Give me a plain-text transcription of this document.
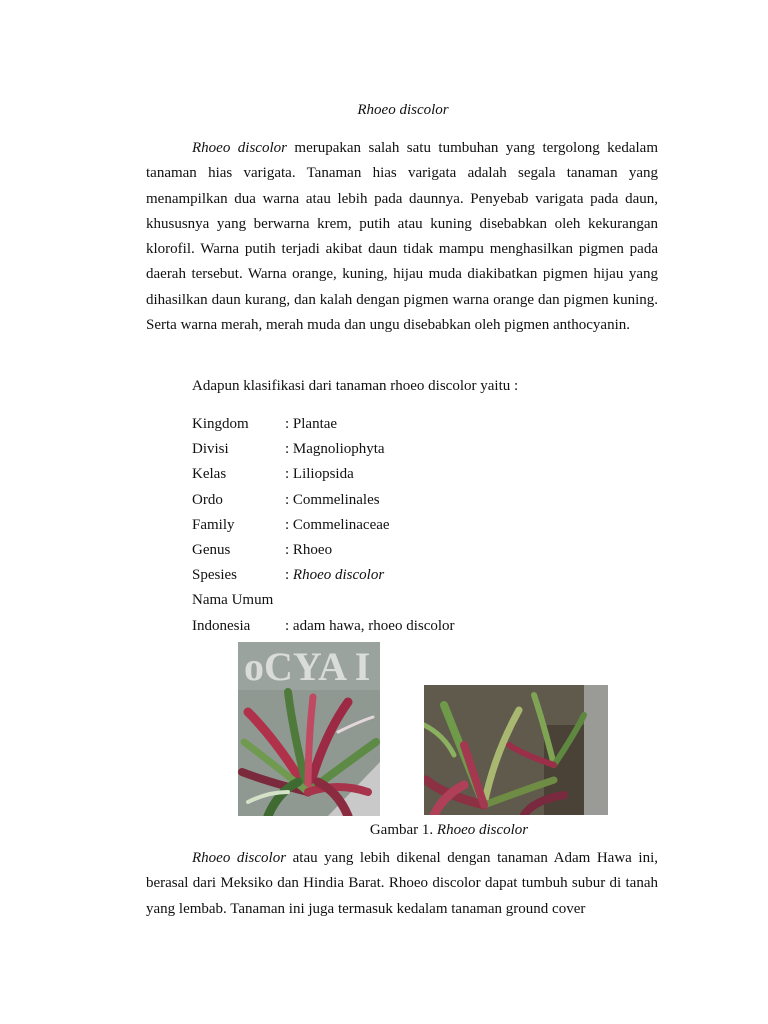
Rhoeo discolor

Rhoeo discolor merupakan salah satu tumbuhan yang tergolong kedalam tanaman hias varigata. Tanaman hias varigata adalah segala tanaman yang menampilkan dua warna atau lebih pada daunnya. Penyebab varigata pada daun, khususnya yang berwarna krem, putih atau kuning disebabkan oleh kekurangan klorofil. Warna putih terjadi akibat daun tidak mampu menghasilkan pigmen pada daerah tersebut. Warna orange, kuning, hijau muda diakibatkan pigmen hijau yang dihasilkan daun kurang, dan kalah dengan pigmen warna orange dan pigmen kuning. Serta warna merah, merah muda dan ungu disebabkan oleh pigmen anthocyanin.

Adapun klasifikasi dari tanaman rhoeo discolor yaitu :
Kingdom : Plantae
Divisi	: Magnoliophyta
Kelas	: Liliopsida
Ordo	: Commelinales
Family	: Commelinaceae
Genus	: Rhoeo
Spesies	: Rhoeo discolor
Nama Umum
Indonesia : adam hawa, rhoeo discolor
oCYA I
Gambar 1. Rhoeo discolor

Rhoeo discolor atau yang lebih dikenal dengan tanaman Adam Hawa ini, berasal dari Meksiko dan Hindia Barat. Rhoeo discolor dapat tumbuh subur di tanah yang lembab. Tanaman ini juga termasuk kedalam tanaman ground cover
